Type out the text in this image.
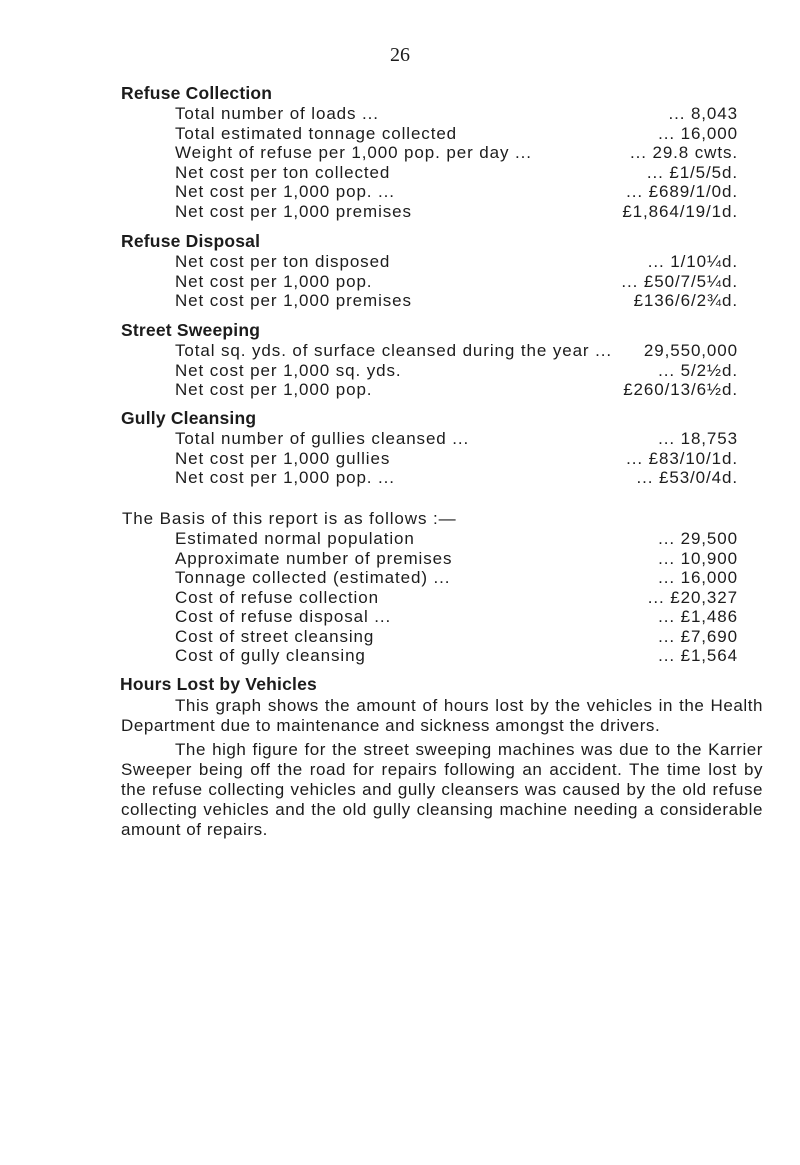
26
Refuse Collection
Total number of loads ...	... 8,043
Total estimated tonnage collected	... 16,000
Weight of refuse per 1,000 pop. per day ...	... 29.8 cwts.
Net cost per ton collected	... £1/5/5d.
Net cost per 1,000 pop. ...	... £689/1/0d.
Net cost per 1,000 premises	£1,864/19/1d.
Refuse Disposal
Net cost per ton disposed	... 1/10¼d.
Net cost per 1,000 pop.	... £50/7/5¼d.
Net cost per 1,000 premises	£136/6/2¾d.
Street Sweeping
Total sq. yds. of surface cleansed during the year ... 29,550,000
Net cost per 1,000 sq. yds.	... 5/2½d.
Net cost per 1,000 pop.	£260/13/6½d.
Gully Cleansing
Total number of gullies cleansed ...	... 18,753
Net cost per 1,000 gullies	... £83/10/1d.
Net cost per 1,000 pop. ...	... £53/0/4d.
The Basis of this report is as follows :—
Estimated normal population	... 29,500
Approximate number of premises	... 10,900
Tonnage collected (estimated) ...	... 16,000
Cost of refuse collection	... £20,327
Cost of refuse disposal ...	... £1,486
Cost of street cleansing	... £7,690
Cost of gully cleansing	... £1,564
Hours Lost by Vehicles

This graph shows the amount of hours lost by the vehicles in the Health Department due to maintenance and sickness amongst the drivers.

The high figure for the street sweeping machines was due to the Karrier Sweeper being off the road for repairs following an accident. The time lost by the refuse collecting vehicles and gully cleansers was caused by the old refuse collecting vehicles and the old gully cleansing machine needing a considerable amount of repairs.
